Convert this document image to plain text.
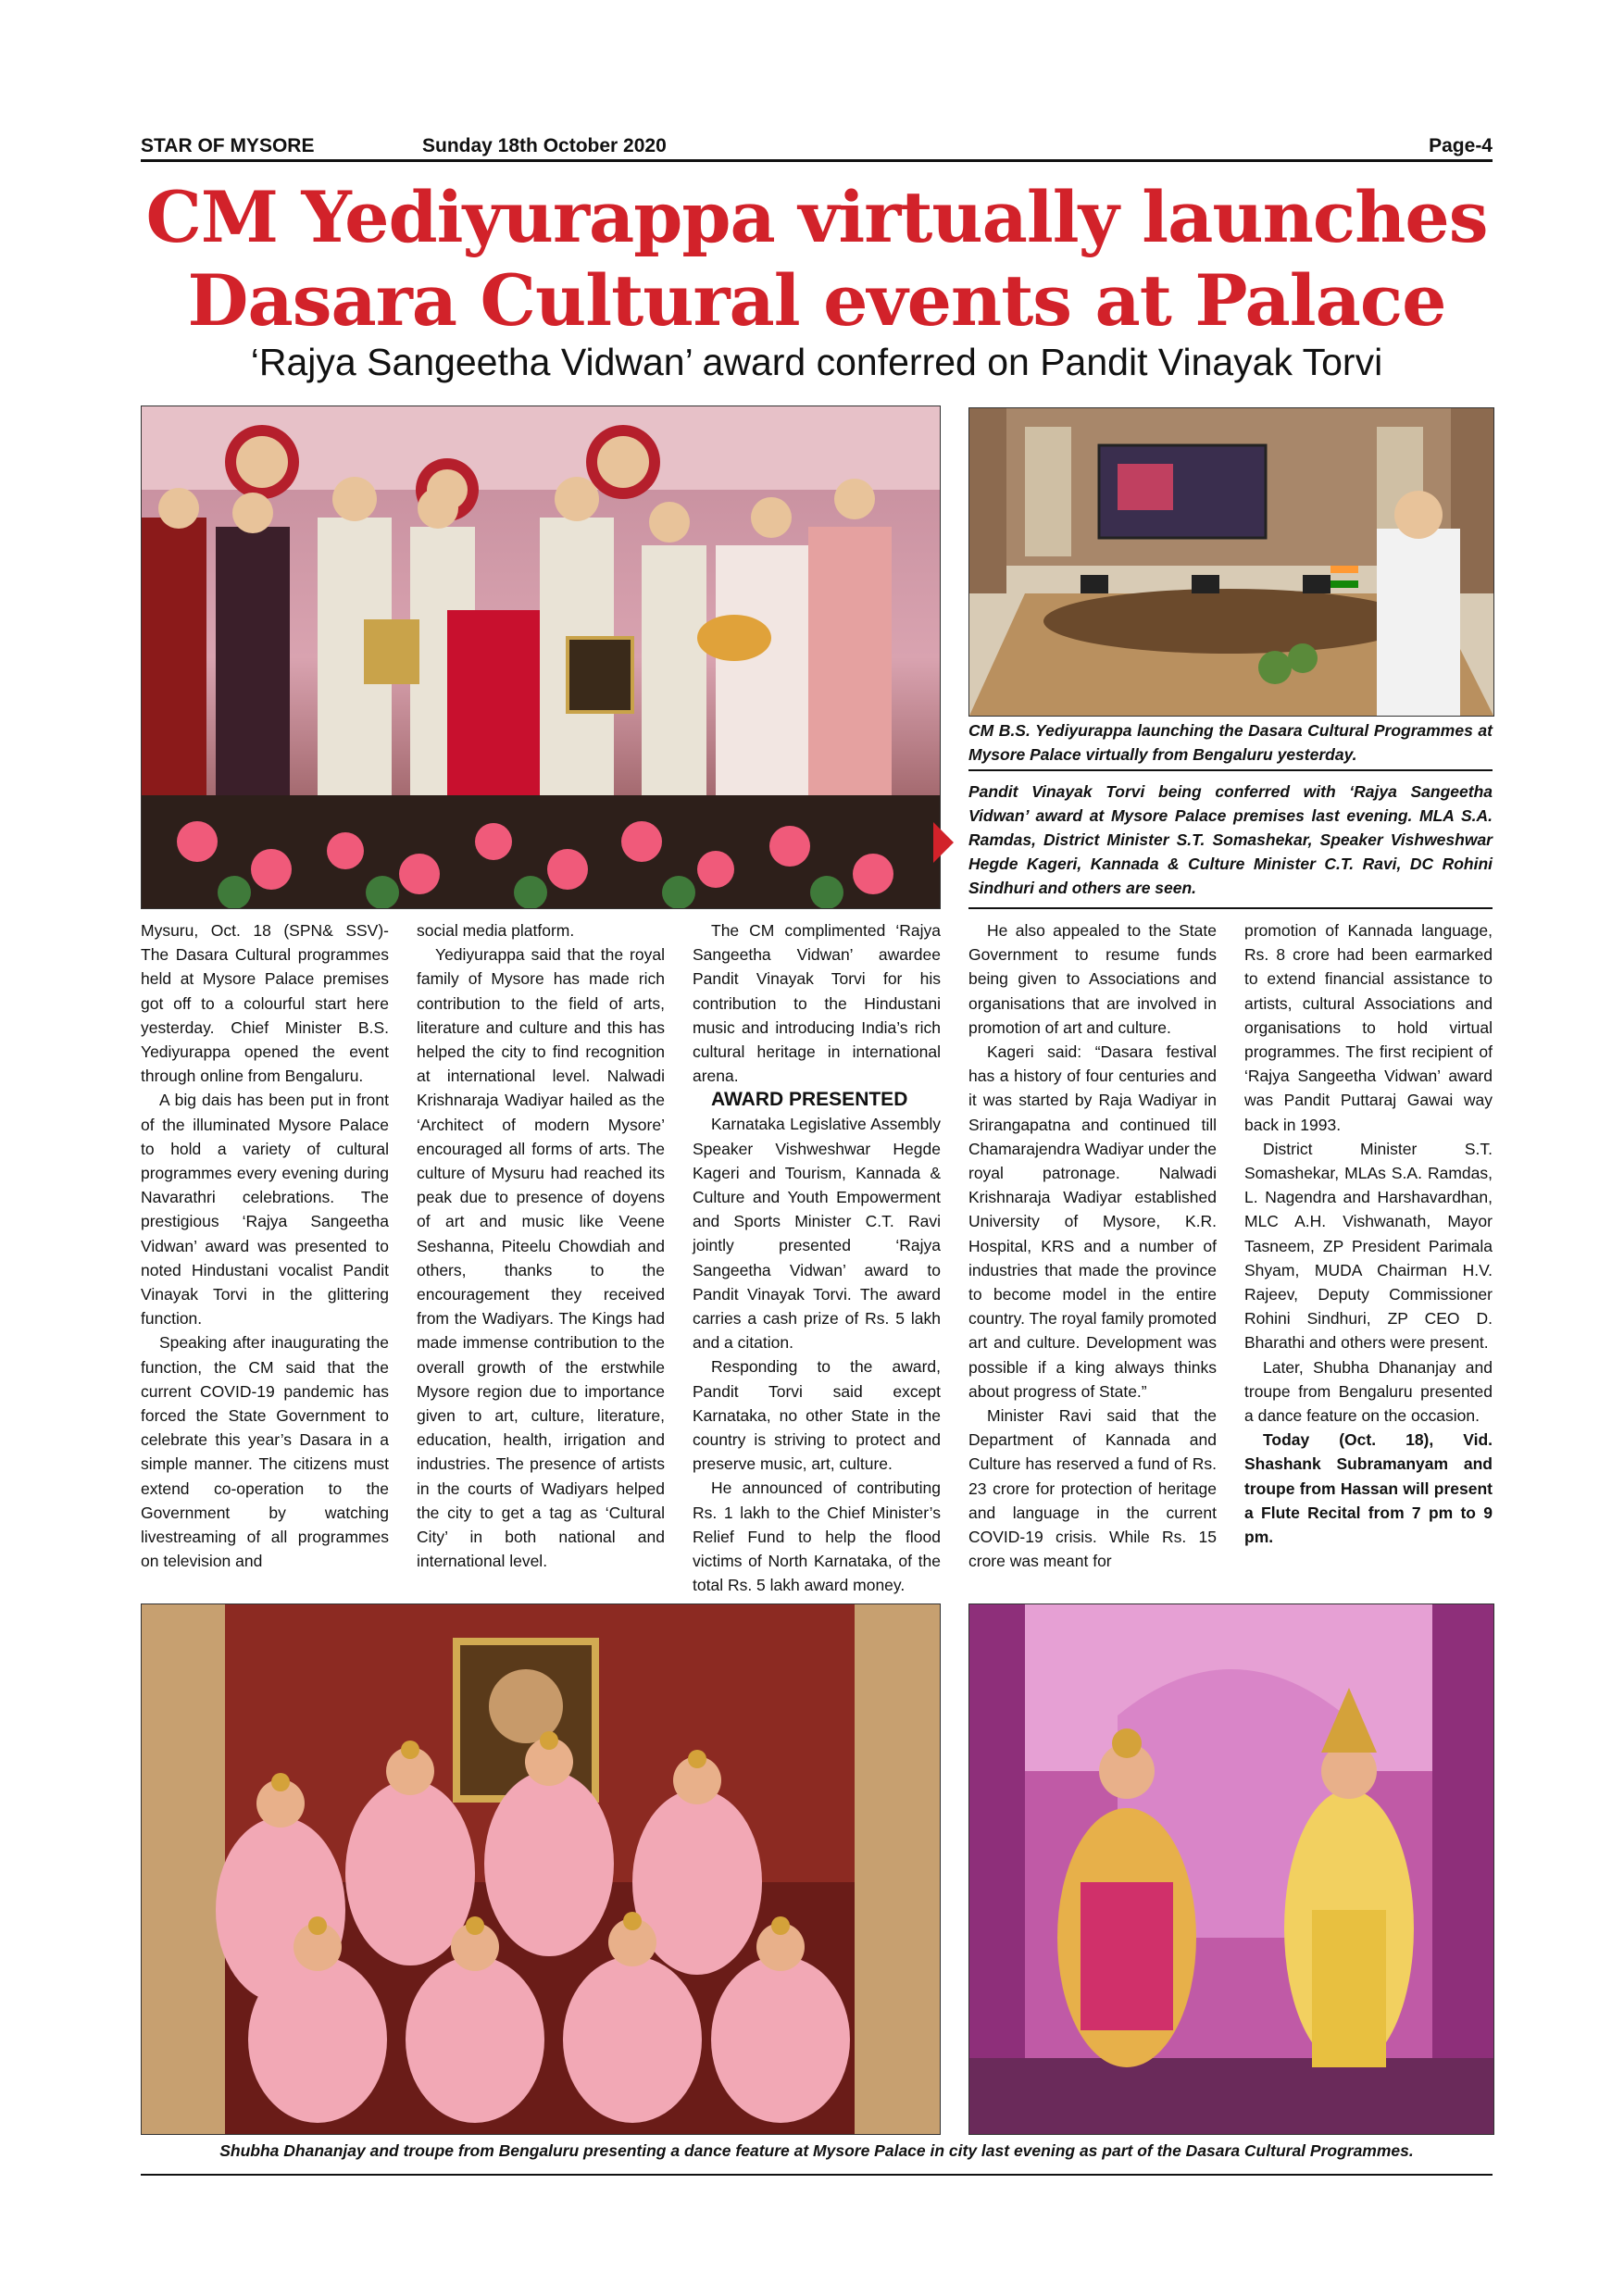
STAR OF MYSORE	Sunday 18th October 2020	Page-4
CM Yediyurappa virtually launches
Dasara Cultural events at Palace
‘Rajya Sangeetha Vidwan’ award conferred on Pandit Vinayak Torvi
CM B.S. Yediyurappa launching the Dasara Cultural Programmes at Mysore Palace virtually from Bengaluru yesterday.
Pandit Vinayak Torvi being conferred with ‘Rajya Sangeetha Vidwan’ award at Mysore Palace premises last evening. MLA S.A. Ramdas, District Minister S.T. Somashekar, Speaker Vishweshwar Hegde Kageri, Kannada & Culture Minister C.T. Ravi, DC Rohini Sindhuri and others are seen.

Mysuru, Oct. 18 (SPN& SSV)- The Dasara Cultural programmes held at Mysore Palace premises got off to a colourful start here yesterday. Chief Minister B.S. Yediyurappa opened the event through online from Bengaluru.

A big dais has been put in front of the illuminated Mysore Palace to hold a variety of cultural programmes every evening during Navarathri celebrations. The prestigious ‘Rajya Sangeetha Vidwan’ award was presented to noted Hindustani vocalist Pandit Vinayak Torvi in the glittering function.

Speaking after inaugurating the function, the CM said that the current COVID-19 pandemic has forced the State Government to celebrate this year’s Dasara in a simple manner. The citizens must extend co-operation to the Government by watching livestreaming of all programmes on television and

social media platform.

Yediyurappa said that the royal family of Mysore has made rich contribution to the field of arts, literature and culture and this has helped the city to find recognition at international level. Nalwadi Krishnaraja Wadiyar hailed as the ‘Architect of modern Mysore’ encouraged all forms of arts. The culture of Mysuru had reached its peak due to presence of doyens of art and music like Veene Seshanna, Piteelu Chowdiah and others, thanks to the encouragement they received from the Wadiyars. The Kings had made immense contribution to the overall growth of the erstwhile Mysore region due to importance given to art, culture, literature, education, health, irrigation and industries. The presence of artists in the courts of Wadiyars helped the city to get a tag as ‘Cultural City’ in both national and international level.

The CM complimented ‘Rajya Sangeetha Vidwan’ awardee Pandit Vinayak Torvi for his contribution to the Hindustani music and introducing India’s rich cultural heritage in international arena.

AWARD PRESENTED

Karnataka Legislative Assembly Speaker Vishweshwar Hegde Kageri and Tourism, Kannada & Culture and Youth Empowerment and Sports Minister C.T. Ravi jointly presented ‘Rajya Sangeetha Vidwan’ award to Pandit Vinayak Torvi. The award carries a cash prize of Rs. 5 lakh and a citation.

Responding to the award, Pandit Torvi said except Karnataka, no other State in the country is striving to protect and preserve music, art, culture.

He announced of contributing Rs. 1 lakh to the Chief Minister’s Relief Fund to help the flood victims of North Karnataka, of the total Rs. 5 lakh award money.

He also appealed to the State Government to resume funds being given to Associations and organisations that are involved in promotion of art and culture.

Kageri said: “Dasara festival has a history of four centuries and it was started by Raja Wadiyar in Srirangapatna and continued till Chamarajendra Wadiyar under the royal patronage. Nalwadi Krishnaraja Wadiyar established University of Mysore, K.R. Hospital, KRS and a number of industries that made the province to become model in the entire country. The royal family promoted art and culture. Development was possible if a king always thinks about progress of State.”

Minister Ravi said that the Department of Kannada and Culture has reserved a fund of Rs. 23 crore for protection of heritage and language in the current COVID-19 crisis. While Rs. 15 crore was meant for

promotion of Kannada language, Rs. 8 crore had been earmarked to extend financial assistance to artists, cultural Associations and organisations to hold virtual programmes. The first recipient of ‘Rajya Sangeetha Vidwan’ award was Pandit Puttaraj Gawai way back in 1993.

District Minister S.T. Somashekar, MLAs S.A. Ramdas, L. Nagendra and Harshavardhan, MLC A.H. Vishwanath, Mayor Tasneem, ZP President Parimala Shyam, MUDA Chairman H.V. Rajeev, Deputy Commissioner Rohini Sindhuri, ZP CEO D. Bharathi and others were present.

Later, Shubha Dhananjay and troupe from Bengaluru presented a dance feature on the occasion.

Today (Oct. 18), Vid. Shashank Subramanyam and troupe from Hassan will present a Flute Recital from 7 pm to 9 pm.

Shubha Dhananjay and troupe from Bengaluru presenting a dance feature at Mysore Palace in city last evening as part of the Dasara Cultural Programmes.
